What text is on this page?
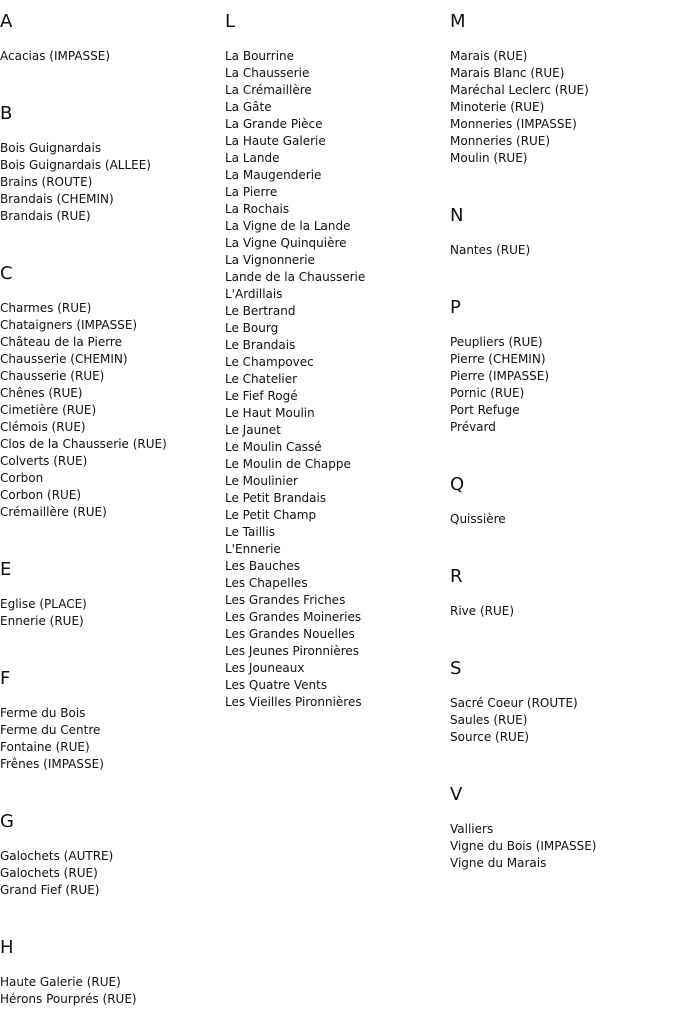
A
Acacias (IMPASSE)
B
Bois Guignardais
Bois Guignardais (ALLEE)
Brains (ROUTE)
Brandais (CHEMIN)
Brandais (RUE)
C
Charmes (RUE)
Chataigners (IMPASSE)
Château de la Pierre
Chausserie (CHEMIN)
Chausserie (RUE)
Chênes (RUE)
Cimetière (RUE)
Clémois (RUE)
Clos de la Chausserie (RUE)
Colverts (RUE)
Corbon
Corbon (RUE)
Crémaillère (RUE)
E
Eglise (PLACE)
Ennerie (RUE)
F
Ferme du Bois
Ferme du Centre
Fontaine (RUE)
Frênes (IMPASSE)
G
Galochets (AUTRE)
Galochets (RUE)
Grand Fief (RUE)
H
Haute Galerie (RUE)
Hérons Pourprés (RUE)
L
La Bourrine
La Chausserie
La Crémaillère
La Gâte
La Grande Pièce
La Haute Galerie
La Lande
La Maugenderie
La Pierre
La Rochais
La Vigne de la Lande
La Vigne Quinquière
La Vignonnerie
Lande de la Chausserie
L'Ardillais
Le Bertrand
Le Bourg
Le Brandais
Le Champovec
Le Chatelier
Le Fief Rogé
Le Haut Moulin
Le Jaunet
Le Moulin Cassé
Le Moulin de Chappe
Le Moulinier
Le Petit Brandais
Le Petit Champ
Le Taillis
L'Ennerie
Les Bauches
Les Chapelles
Les Grandes Friches
Les Grandes Moineries
Les Grandes Nouelles
Les Jeunes Pironnières
Les Jouneaux
Les Quatre Vents
Les Vieilles Pironnières
M
Marais (RUE)
Marais Blanc (RUE)
Maréchal Leclerc (RUE)
Minoterie (RUE)
Monneries (IMPASSE)
Monneries (RUE)
Moulin (RUE)
N
Nantes (RUE)
P
Peupliers (RUE)
Pierre (CHEMIN)
Pierre (IMPASSE)
Pornic (RUE)
Port Refuge
Prévard
Q
Quissière
R
Rive (RUE)
S
Sacré Coeur (ROUTE)
Saules (RUE)
Source (RUE)
V
Valliers
Vigne du Bois (IMPASSE)
Vigne du Marais
